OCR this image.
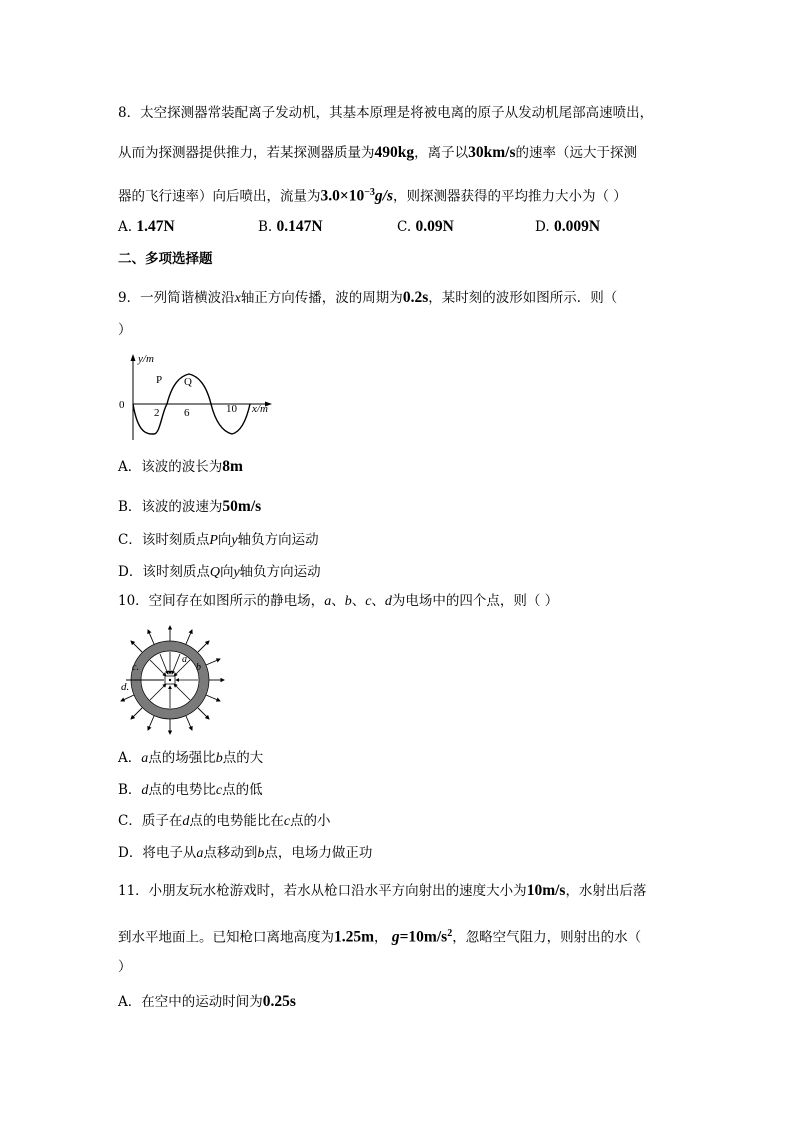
8．太空探测器常装配离子发动机，其基本原理是将被电离的原子从发动机尾部高速喷出，
从而为探测器提供推力，若某探测器质量为490kg，离子以30km/s的速率（远大于探测
器的飞行速率）向后喷出，流量为$3.0\times 10^{-3}g/s$，则探测器获得的平均推力大小为（ ）
A. 1.47N	B. 0.147N	C. 0.09N	D. 0.009N
二、多项选择题
9．一列简谐横波沿x轴正方向传播，波的周期为0.2s，某时刻的波形如图所示．则（
）
0
y/m
x/m
P Q
2 6	10
A．该波的波长为8m
B．该波的波速为50m/s
C．该时刻质点P向y轴负方向运动
D．该时刻质点Q向y轴负方向运动
10．空间存在如图所示的静电场，a、b、c、d为电场中的四个点，则（ ）
a
b
c.
d.
A．a点的场强比b点的大
B．d点的电势比c点的低
C．质子在d点的电势能比在c点的小
D．将电子从a点移动到b点，电场力做正功
11．小朋友玩水枪游戏时，若水从枪口沿水平方向射出的速度大小为10m/s，水射出后落
到水平地面上。已知枪口离地高度为1.25m， $g=10m/s^2$，忽略空气阻力，则射出的水（
）
A．在空中的运动时间为0.25s
